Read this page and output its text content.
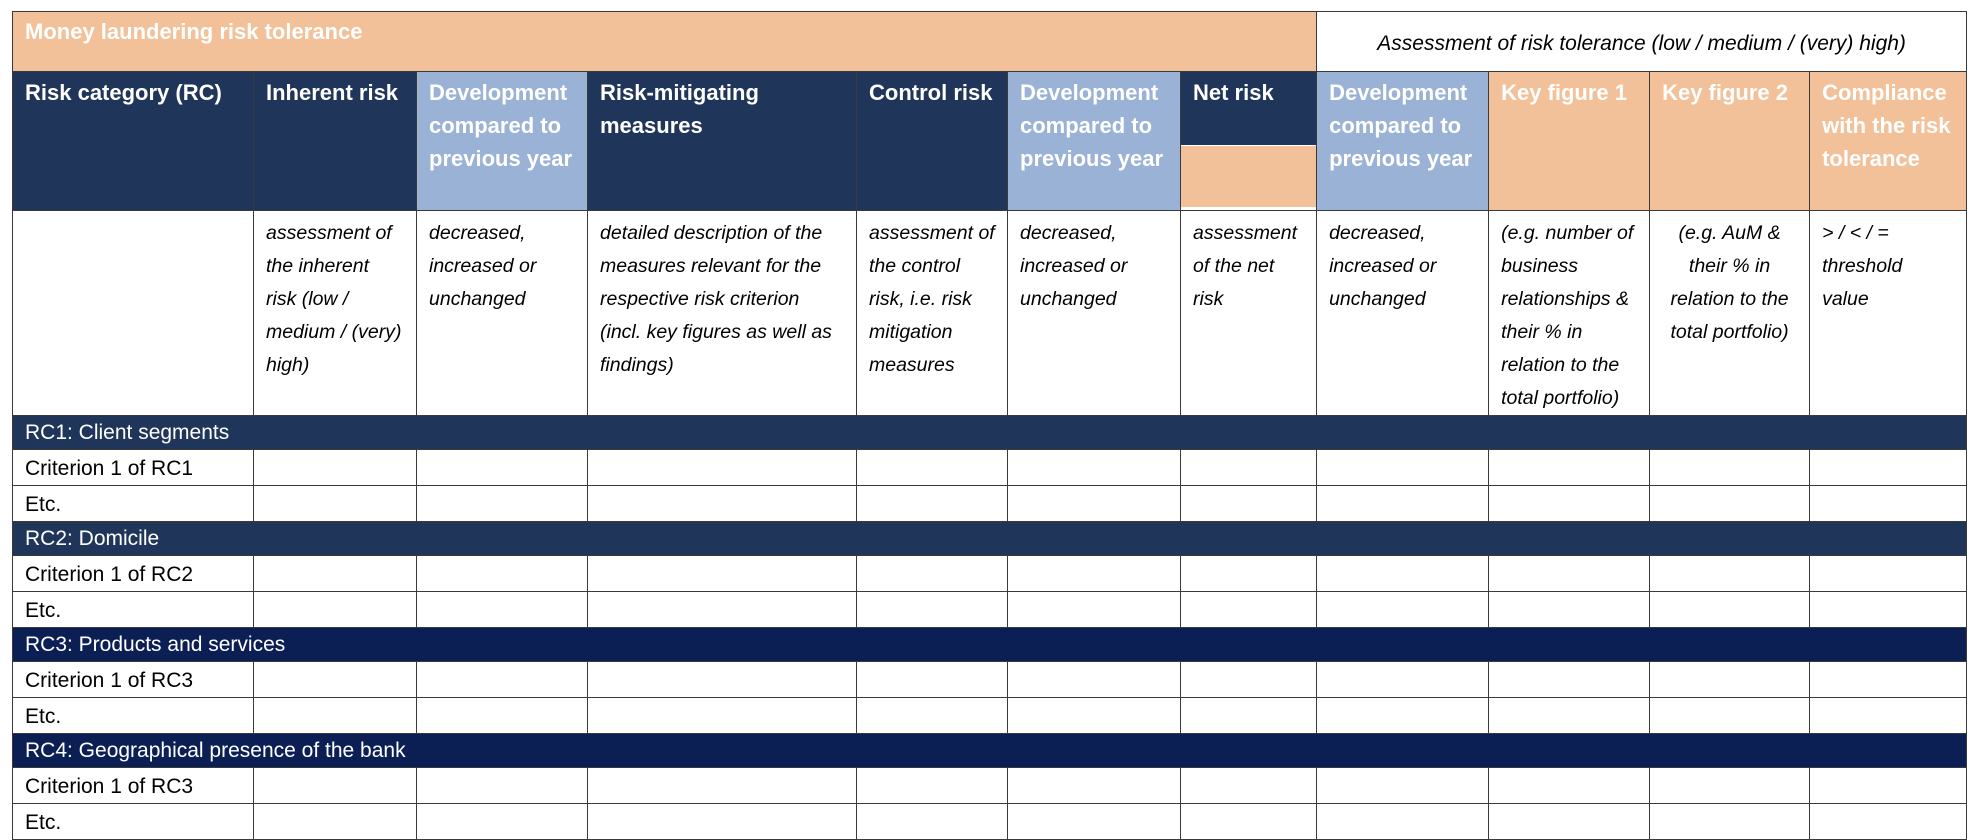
Money laundering risk tolerance							Assessment of risk tolerance (low / medium / (very) high)			
Risk category (RC)	Inherent risk	Development compared to previous year	Risk-mitigating measures	Control risk	Development compared to previous year	Net risk	Development compared to previous year	Key figure 1	Key figure 2	Compliance with the risk tolerance
	assessment of the inherent risk (low / medium / (very) high)	decreased, increased or unchanged	detailed description of the measures relevant for the respective risk criterion (incl. key figures as well as findings)	assessment of the control risk, i.e. risk mitigation measures	decreased, increased or unchanged	assessment of the net risk	decreased, increased or unchanged	(e.g. number of business relationships & their % in relation to the total portfolio)	(e.g. AuM & their % in relation to the total portfolio)	> / < / = threshold value
RC1: Client segments										
Criterion 1 of RC1										
Etc.										
RC2: Domicile										
Criterion 1 of RC2										
Etc.										
RC3: Products and services										
Criterion 1 of RC3										
Etc.										
RC4: Geographical presence of the bank										
Criterion 1 of RC3										
Etc.										
